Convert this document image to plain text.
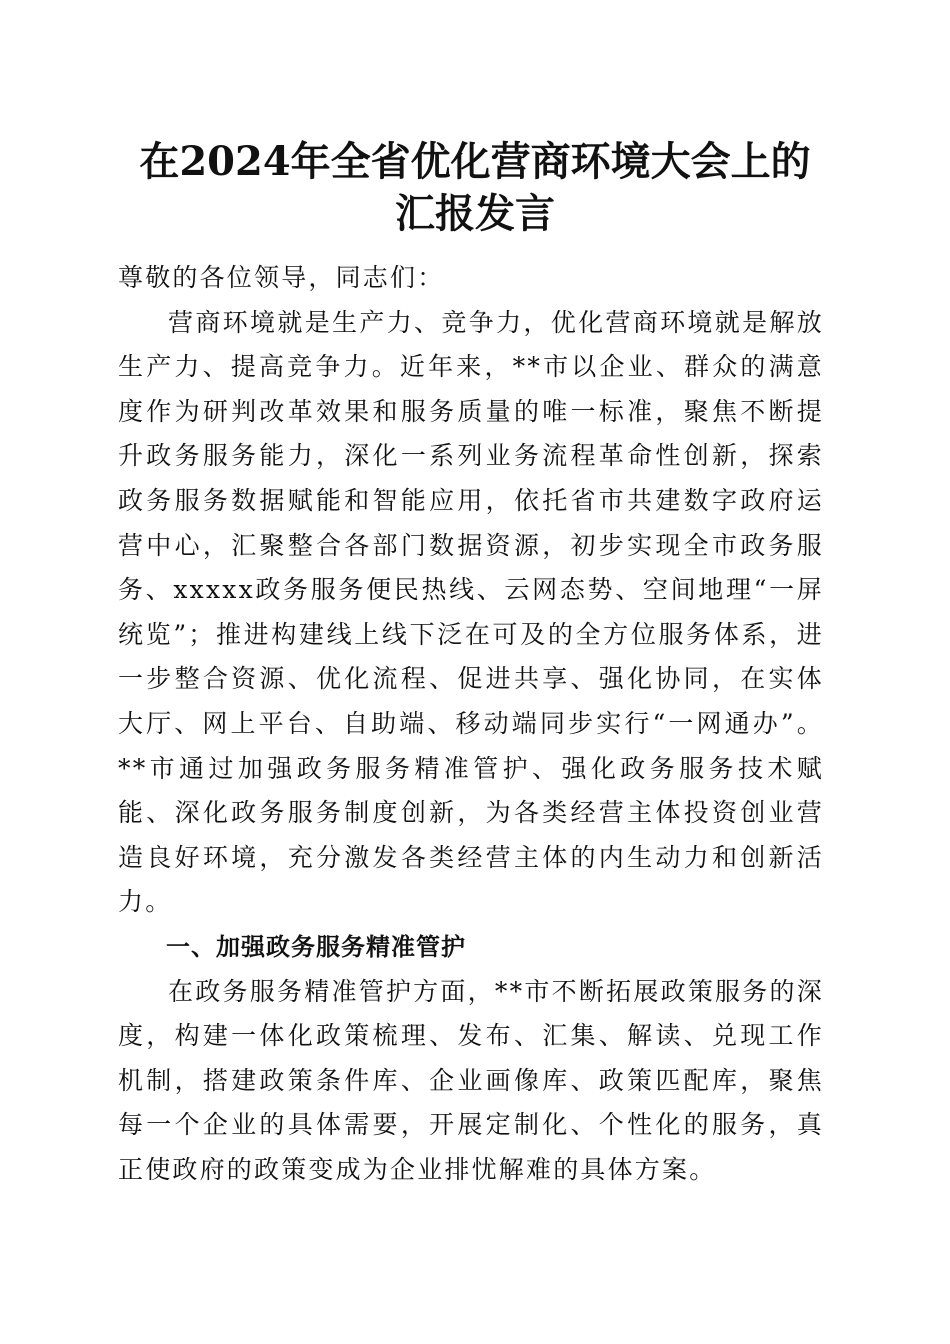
在2024年全省优化营商环境大会上的汇报发言

尊敬的各位领导，同志们：

营商环境就是生产力、竞争力，优化营商环境就是解放生产力、提高竞争力。近年来，**市以企业、群众的满意度作为研判改革效果和服务质量的唯一标准，聚焦不断提升政务服务能力，深化一系列业务流程革命性创新，探索政务服务数据赋能和智能应用，依托省市共建数字政府运营中心，汇聚整合各部门数据资源，初步实现全市政务服务、xxxxx政务服务便民热线、云网态势、空间地理“一屏统览”；推进构建线上线下泛在可及的全方位服务体系，进一步整合资源、优化流程、促进共享、强化协同，在实体大厅、网上平台、自助端、移动端同步实行“一网通办”。**市通过加强政务服务精准管护、强化政务服务技术赋能、深化政务服务制度创新，为各类经营主体投资创业营造良好环境，充分激发各类经营主体的内生动力和创新活力。

一、加强政务服务精准管护

在政务服务精准管护方面，**市不断拓展政策服务的深度，构建一体化政策梳理、发布、汇集、解读、兑现工作机制，搭建政策条件库、企业画像库、政策匹配库，聚焦每一个企业的具体需要，开展定制化、个性化的服务，真正使政府的政策变成为企业排忧解难的具体方案。
